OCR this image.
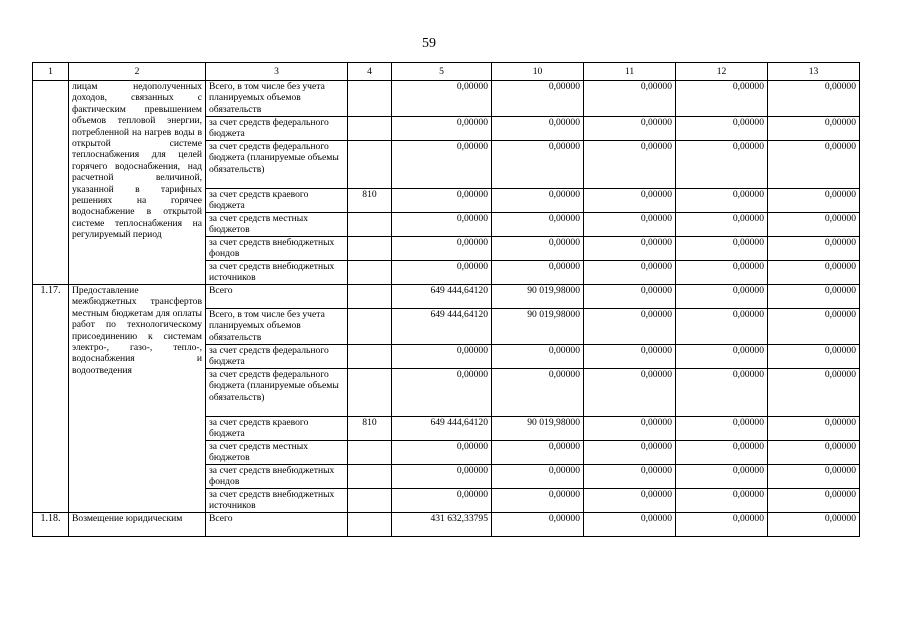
59
1	2	3	4	5	10	11	12	13
	лицам недополученных доходов, связанных с фактическим превышением объемов тепловой энергии, потребленной на нагрев воды в открытой системе теплоснабжения для целей горячего водоснабжения, над расчетной величиной, указанной в тарифных решениях на горячее водоснабжение в открытой системе теплоснабжения на регулируемый период	Всего, в том числе без учета планируемых объемов обязательств		0,00000	0,00000	0,00000	0,00000	0,00000
		за счет средств федерального бюджета		0,00000	0,00000	0,00000	0,00000	0,00000
		за счет средств федерального бюджета (планируемые объемы обязательств)		0,00000	0,00000	0,00000	0,00000	0,00000
		за счет средств краевого бюджета	810	0,00000	0,00000	0,00000	0,00000	0,00000
		за счет средств местных бюджетов		0,00000	0,00000	0,00000	0,00000	0,00000
		за счет средств внебюджетных фондов		0,00000	0,00000	0,00000	0,00000	0,00000
		за счет средств внебюджетных источников		0,00000	0,00000	0,00000	0,00000	0,00000
1.17.	Предоставление межбюджетных трансфертов местным бюджетам для оплаты работ по технологическому присоединению к системам электро-, газо-, тепло-, водоснабжения и водоотведения	Всего		649 444,64120	90 019,98000	0,00000	0,00000	0,00000
		Всего, в том числе без учета планируемых объемов обязательств		649 444,64120	90 019,98000	0,00000	0,00000	0,00000
		за счет средств федерального бюджета		0,00000	0,00000	0,00000	0,00000	0,00000
		за счет средств федерального бюджета (планируемые объемы обязательств)		0,00000	0,00000	0,00000	0,00000	0,00000
		за счет средств краевого бюджета	810	649 444,64120	90 019,98000	0,00000	0,00000	0,00000
		за счет средств местных бюджетов		0,00000	0,00000	0,00000	0,00000	0,00000
		за счет средств внебюджетных фондов		0,00000	0,00000	0,00000	0,00000	0,00000
		за счет средств внебюджетных источников		0,00000	0,00000	0,00000	0,00000	0,00000
1.18.	Возмещение юридическим	Всего		431 632,33795	0,00000	0,00000	0,00000	0,00000
